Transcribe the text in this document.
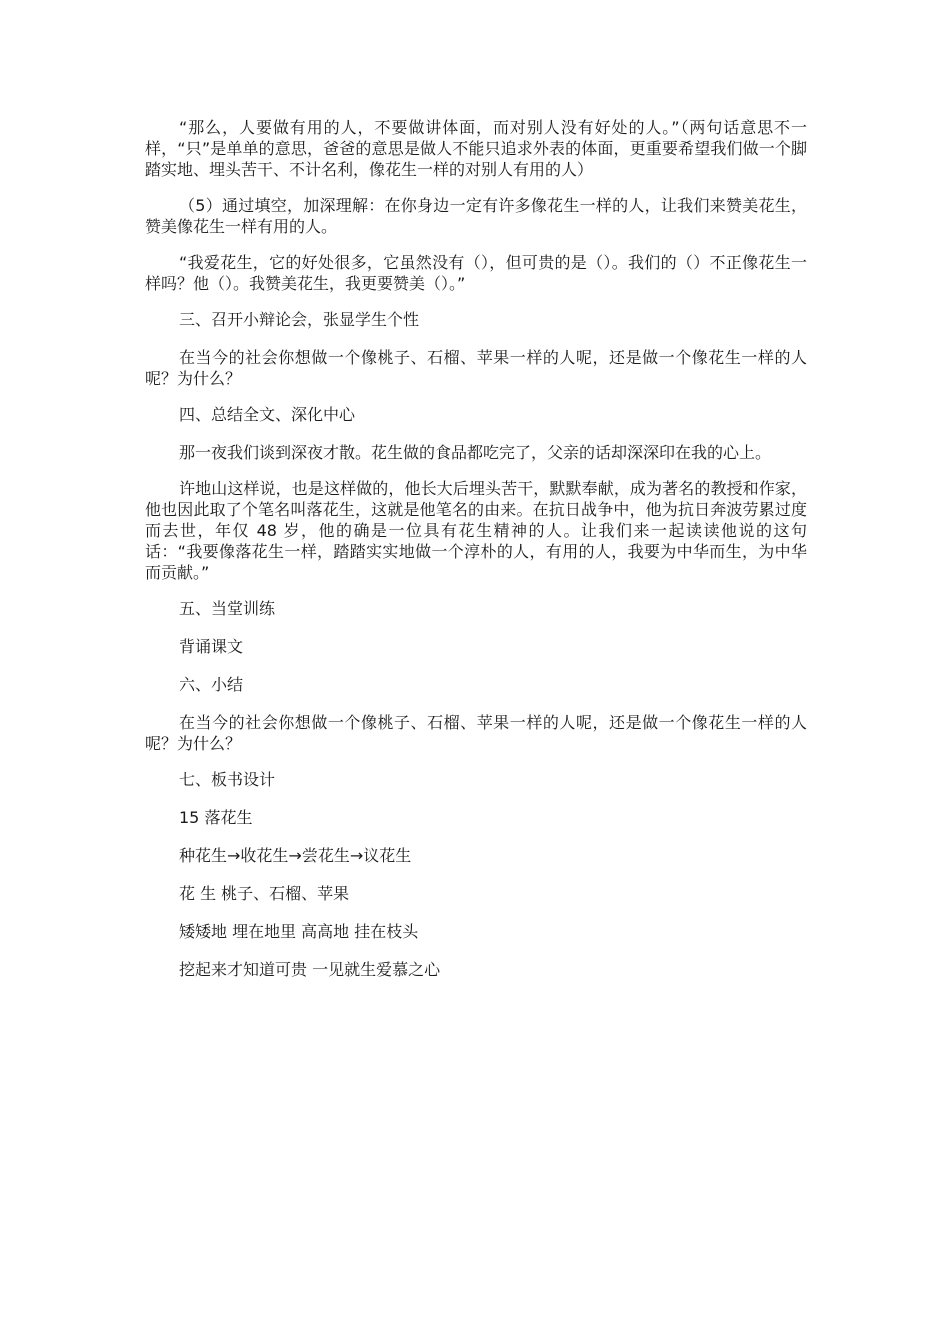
“那么，人要做有用的人，不要做讲体面，而对别人没有好处的人。”（两句话意思不一样，“只”是单单的意思，爸爸的意思是做人不能只追求外表的体面，更重要希望我们做一个脚踏实地、埋头苦干、不计名利，像花生一样的对别人有用的人）

（5）通过填空，加深理解：在你身边一定有许多像花生一样的人，让我们来赞美花生，赞美像花生一样有用的人。

“我爱花生，它的好处很多，它虽然没有（），但可贵的是（）。我们的（）不正像花生一样吗？他（）。我赞美花生，我更要赞美（）。”

三、召开小辩论会，张显学生个性

在当今的社会你想做一个像桃子、石榴、苹果一样的人呢，还是做一个像花生一样的人呢？为什么？

四、总结全文、深化中心

那一夜我们谈到深夜才散。花生做的食品都吃完了，父亲的话却深深印在我的心上。

许地山这样说，也是这样做的，他长大后埋头苦干，默默奉献，成为著名的教授和作家，他也因此取了个笔名叫落花生，这就是他笔名的由来。在抗日战争中，他为抗日奔波劳累过度而去世，年仅 48 岁，他的确是一位具有花生精神的人。让我们来一起读读他说的这句话：“我要像落花生一样，踏踏实实地做一个淳朴的人，有用的人，我要为中华而生，为中华而贡献。”

五、当堂训练

背诵课文

六、小结

在当今的社会你想做一个像桃子、石榴、苹果一样的人呢，还是做一个像花生一样的人呢？为什么？

七、板书设计

15 落花生

种花生→收花生→尝花生→议花生

花 生 桃子、石榴、苹果

矮矮地 埋在地里 高高地 挂在枝头

挖起来才知道可贵 一见就生爱慕之心
